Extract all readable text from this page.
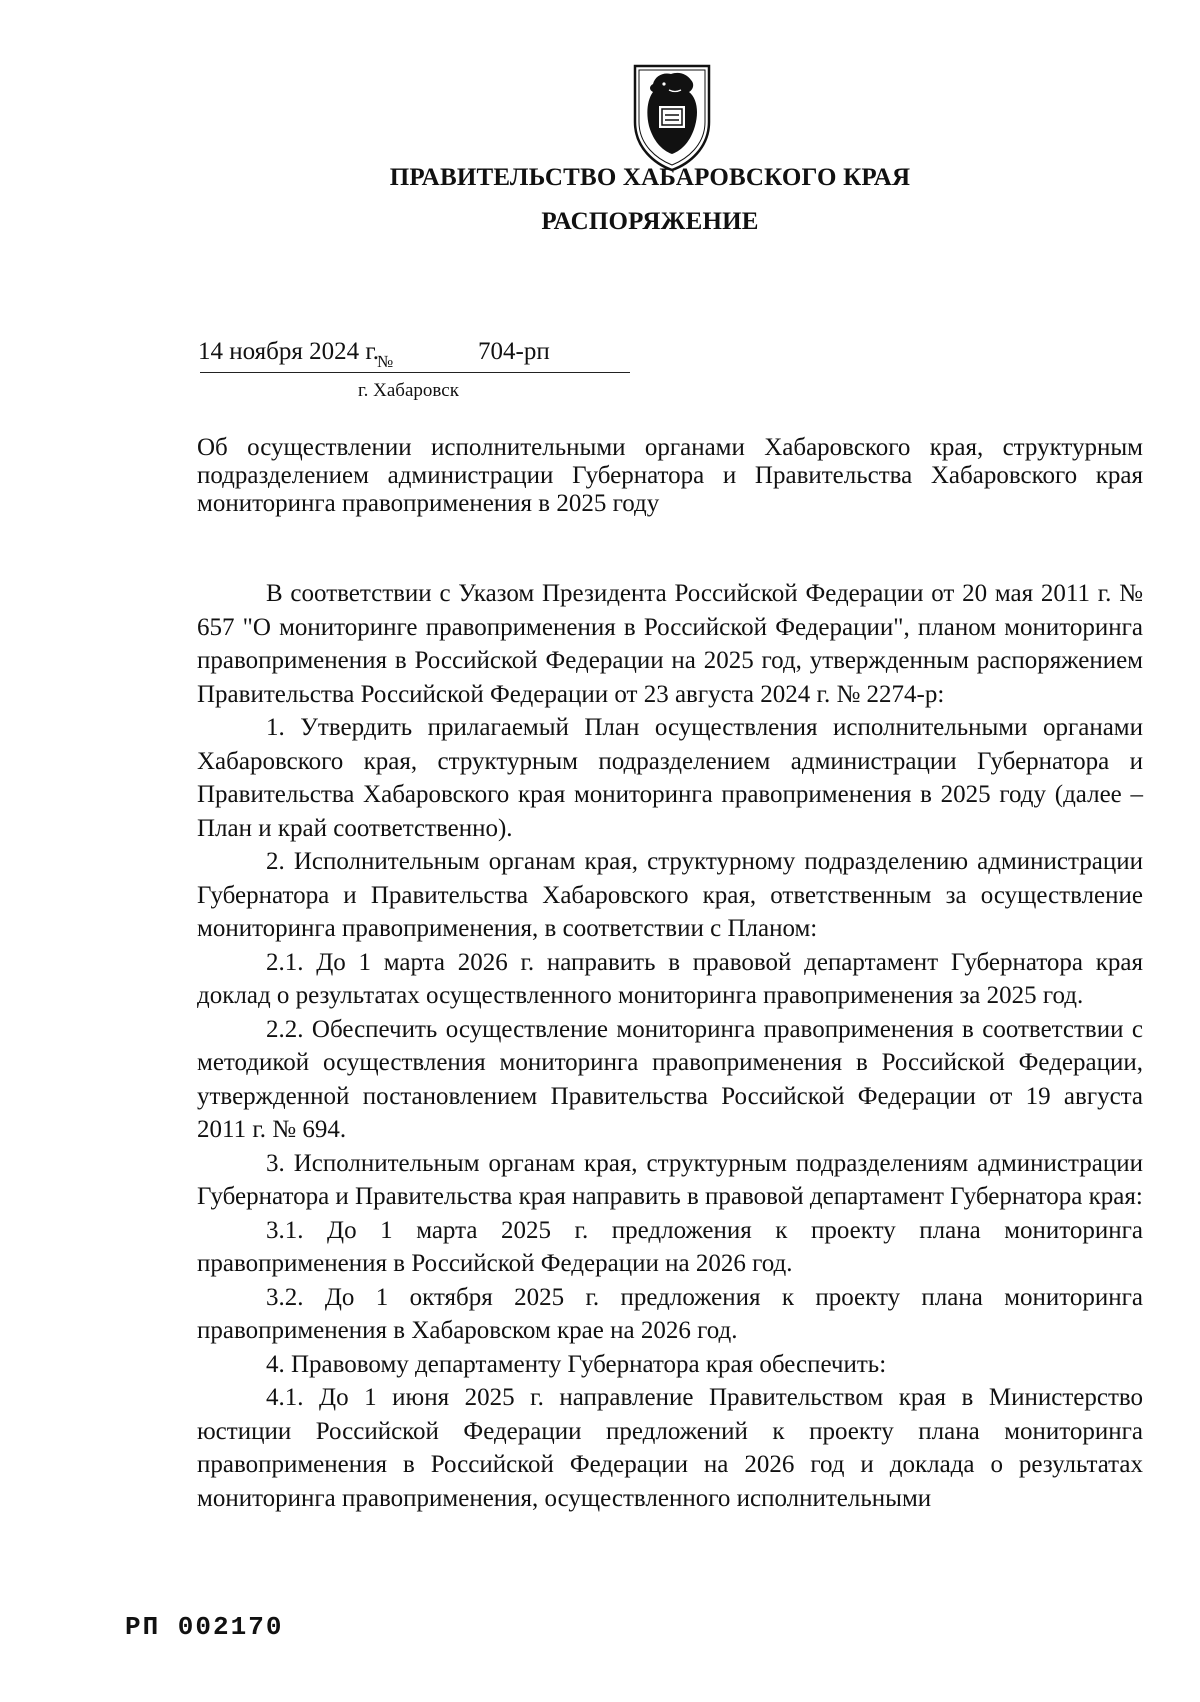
ПРАВИТЕЛЬСТВО ХАБАРОВСКОГО КРАЯ
РАСПОРЯЖЕНИЕ
14 ноября 2024 г.
№	704-рп
г. Хабаровск

Об осуществлении исполнительными органами Хабаровского края, структурным подразделением администрации Губернатора и Правительства Хабаровского края мониторинга правоприменения в 2025 году

В соответствии с Указом Президента Российской Федерации от 20 мая 2011 г. № 657 "О мониторинге правоприменения в Российской Федерации", планом мониторинга правоприменения в Российской Федерации на 2025 год, утвержденным распоряжением Правительства Российской Федерации от 23 августа 2024 г. № 2274-р:

1. Утвердить прилагаемый План осуществления исполнительными органами Хабаровского края, структурным подразделением администрации Губернатора и Правительства Хабаровского края мониторинга правоприменения в 2025 году (далее – План и край соответственно).

2. Исполнительным органам края, структурному подразделению администрации Губернатора и Правительства Хабаровского края, ответственным за осуществление мониторинга правоприменения, в соответствии с Планом:

2.1. До 1 марта 2026 г. направить в правовой департамент Губернатора края доклад о результатах осуществленного мониторинга правоприменения за 2025 год.

2.2. Обеспечить осуществление мониторинга правоприменения в соответствии с методикой осуществления мониторинга правоприменения в Российской Федерации, утвержденной постановлением Правительства Российской Федерации от 19 августа 2011 г. № 694.

3. Исполнительным органам края, структурным подразделениям администрации Губернатора и Правительства края направить в правовой департамент Губернатора края:

3.1. До 1 марта 2025 г. предложения к проекту плана мониторинга правоприменения в Российской Федерации на 2026 год.

3.2. До 1 октября 2025 г. предложения к проекту плана мониторинга правоприменения в Хабаровском крае на 2026 год.

4. Правовому департаменту Губернатора края обеспечить:

4.1. До 1 июня 2025 г. направление Правительством края в Министерство юстиции Российской Федерации предложений к проекту плана мониторинга правоприменения в Российской Федерации на 2026 год и доклада о результатах мониторинга правоприменения, осуществленного исполнительными

РП 002170
